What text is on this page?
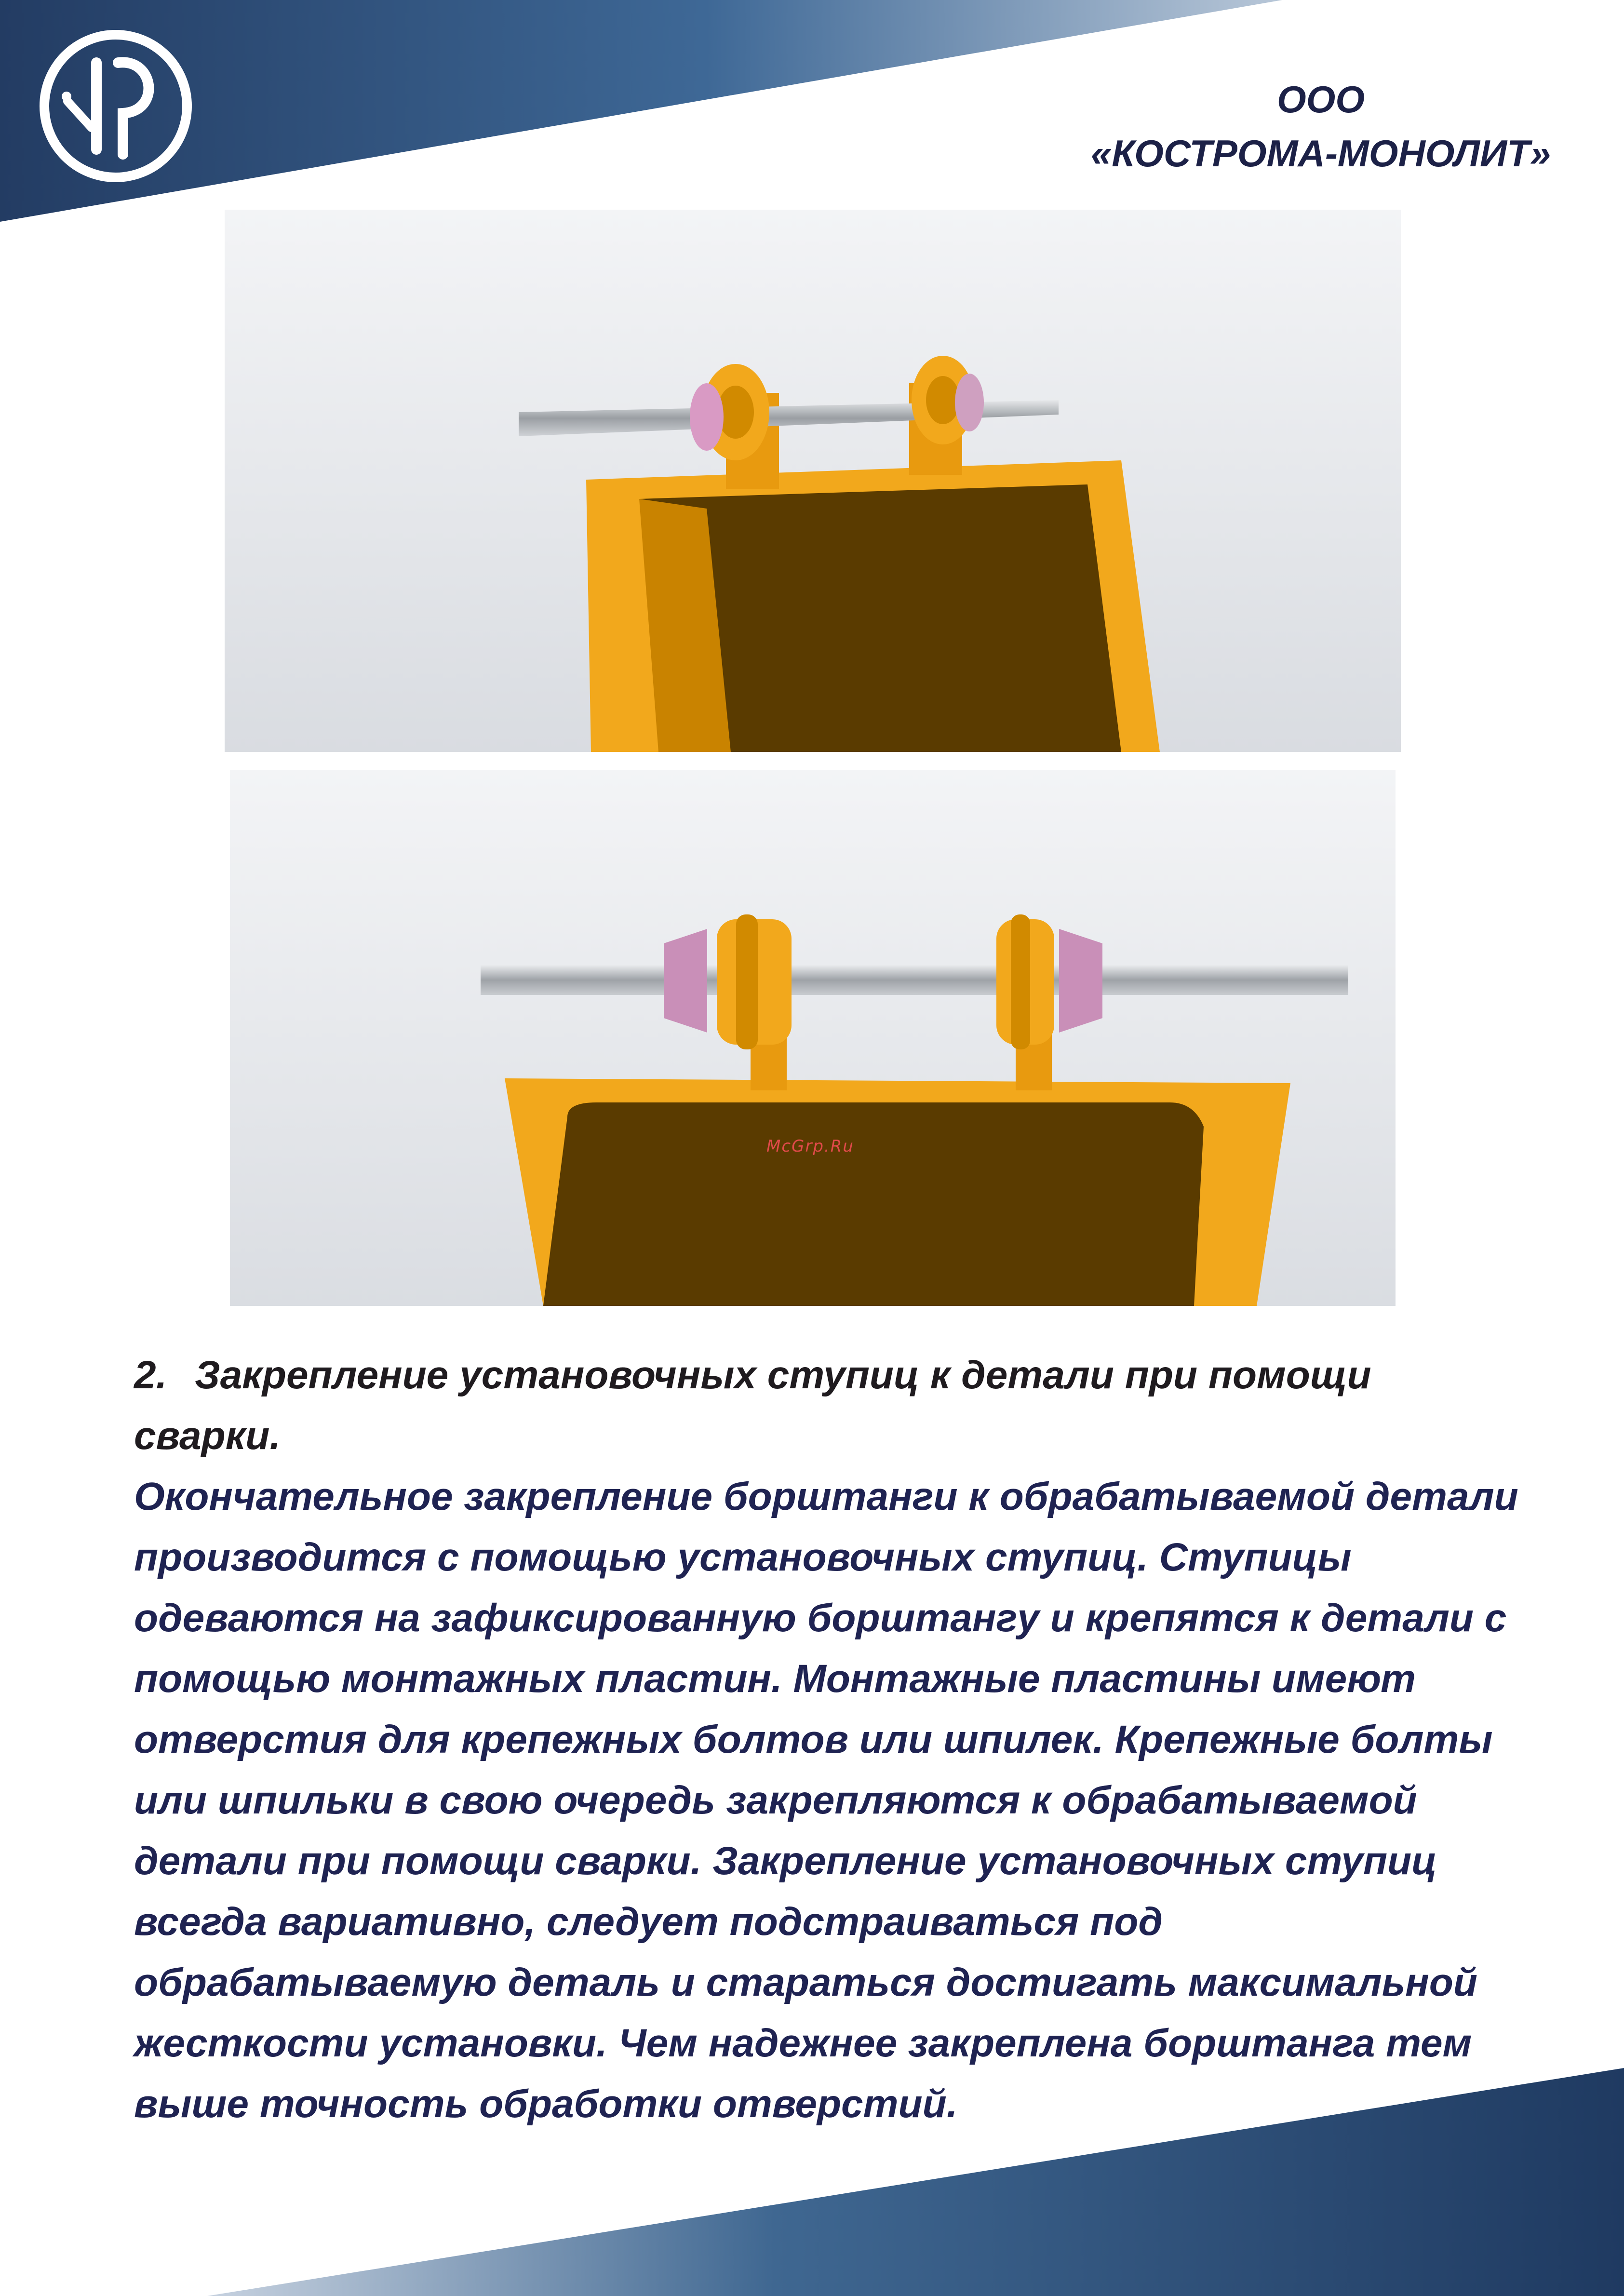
ООО
«КОСТРОМА-МОНОЛИТ»
McGrp.Ru

2. Закрепление установочных ступиц к детали при помощи
сварки.

Окончательное закрепление борштанги к обрабатываемой детали
производится с помощью установочных ступиц. Ступицы
одеваются на зафиксированную борштангу и крепятся к детали с
помощью монтажных пластин. Монтажные пластины имеют
отверстия для крепежных болтов или шпилек. Крепежные болты
или шпильки в свою очередь закрепляются к обрабатываемой
детали при помощи сварки. Закрепление установочных ступиц
всегда вариативно, следует подстраиваться под
обрабатываемую деталь и стараться достигать максимальной
жесткости установки. Чем надежнее закреплена борштанга тем
выше точность обработки отверстий.
